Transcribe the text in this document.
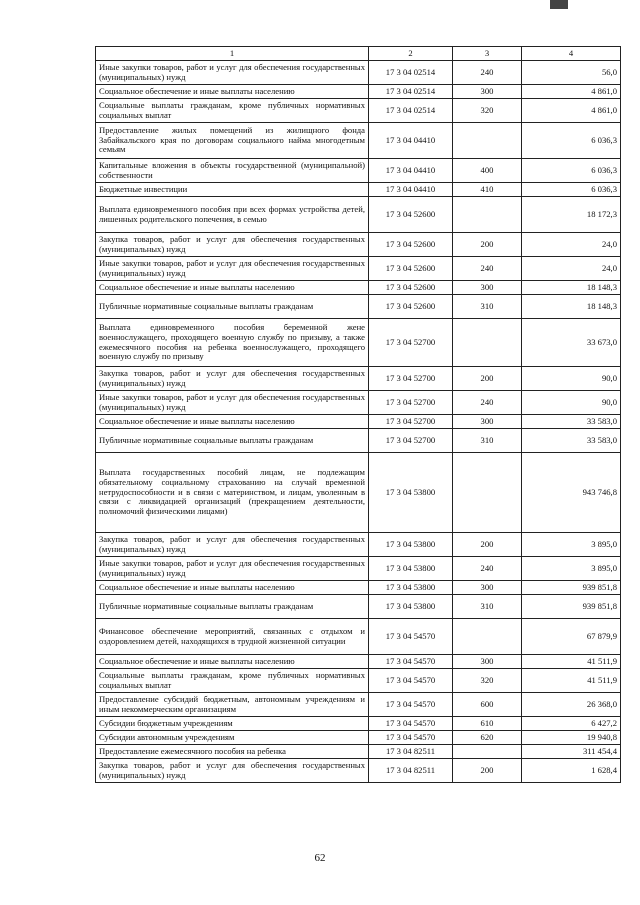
1	2	3	4
Иные закупки товаров, работ и услуг для обеспечения государственных (муниципальных) нужд	17 3 04 02514	240	56,0
Социальное обеспечение и иные выплаты населению	17 3 04 02514	300	4 861,0
Социальные выплаты гражданам, кроме публичных нормативных социальных выплат	17 3 04 02514	320	4 861,0
Предоставление жилых помещений из жилищного фонда Забайкальского края по договорам социального найма многодетным семьям	17 3 04 04410		6 036,3
Капитальные вложения в объекты государственной (муниципальной) собственности	17 3 04 04410	400	6 036,3
Бюджетные инвестиции	17 3 04 04410	410	6 036,3
Выплата единовременного пособия при всех формах устройства детей, лишенных родительского попечения, в семью	17 3 04 52600		18 172,3
Закупка товаров, работ и услуг для обеспечения государственных (муниципальных) нужд	17 3 04 52600	200	24,0
Иные закупки товаров, работ и услуг для обеспечения государственных (муниципальных) нужд	17 3 04 52600	240	24,0
Социальное обеспечение и иные выплаты населению	17 3 04 52600	300	18 148,3
Публичные нормативные социальные выплаты гражданам	17 3 04 52600	310	18 148,3
Выплата единовременного пособия беременной жене военнослужащего, проходящего военную службу по призыву, а также ежемесячного пособия на ребенка военнослужащего, проходящего военную службу по призыву	17 3 04 52700		33 673,0
Закупка товаров, работ и услуг для обеспечения государственных (муниципальных) нужд	17 3 04 52700	200	90,0
Иные закупки товаров, работ и услуг для обеспечения государственных (муниципальных) нужд	17 3 04 52700	240	90,0
Социальное обеспечение и иные выплаты населению	17 3 04 52700	300	33 583,0
Публичные нормативные социальные выплаты гражданам	17 3 04 52700	310	33 583,0
Выплата государственных пособий лицам, не подлежащим обязательному социальному страхованию на случай временной нетрудоспособности и в связи с материнством, и лицам, уволенным в связи с ликвидацией организаций (прекращением деятельности, полномочий физическими лицами)	17 3 04 53800		943 746,8
Закупка товаров, работ и услуг для обеспечения государственных (муниципальных) нужд	17 3 04 53800	200	3 895,0
Иные закупки товаров, работ и услуг для обеспечения государственных (муниципальных) нужд	17 3 04 53800	240	3 895,0
Социальное обеспечение и иные выплаты населению	17 3 04 53800	300	939 851,8
Публичные нормативные социальные выплаты гражданам	17 3 04 53800	310	939 851,8
Финансовое обеспечение мероприятий, связанных с отдыхом и оздоровлением детей, находящихся в трудной жизненной ситуации	17 3 04 54570		67 879,9
Социальное обеспечение и иные выплаты населению	17 3 04 54570	300	41 511,9
Социальные выплаты гражданам, кроме публичных нормативных социальных выплат	17 3 04 54570	320	41 511,9
Предоставление субсидий бюджетным, автономным учреждениям и иным некоммерческим организациям	17 3 04 54570	600	26 368,0
Субсидии бюджетным учреждениям	17 3 04 54570	610	6 427,2
Субсидии автономным учреждениям	17 3 04 54570	620	19 940,8
Предоставление ежемесячного пособия на ребенка	17 3 04 82511		311 454,4
Закупка товаров, работ и услуг для обеспечения государственных (муниципальных) нужд	17 3 04 82511	200	1 628,4
62
